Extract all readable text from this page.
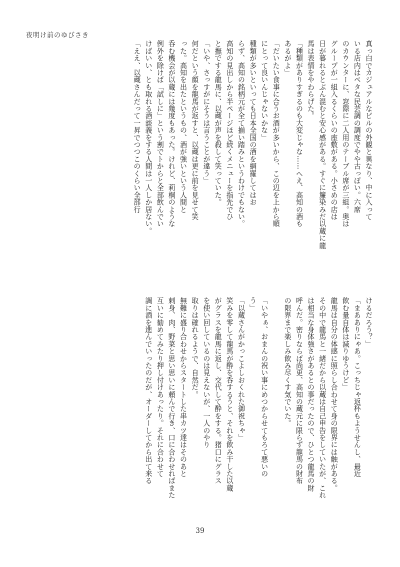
夜明け前のゆびさき
真っ白でカジュアルなビルの外観と異なり、中に入って
いる店内はベタな民芸調の調度でやや古っぽい。六席
のカウンターに、窓際に二人用のテーブル席が三組。奥は
グループが一組入るくらいの座敷がある。小さめの店は
日が暮れるとぶん混むと安心感がある。すぐに簾染みだ以蔵に龍
馬は表情をやわらげた。
「種類がありすぎるのも大変じゃな……へえ、高知の酒も
あるがよ」
「だいたい食事に合うお酒が多いから、この辺を上から順
にとって良いんじゃないかな」
種類が多いといっても日本全国の酒を網羅してはお
らず、高知の銘柄元が全て揃い踏みというわけでもない。
高知の見出しから半ページほど続くメニューを指先でひ
と撫でする龍馬に、以蔵が声を殺して笑っていた。
「いや、さっすがにそうは言うことが違う」
何だという顔を龍馬が返すと、以蔵は更に前を見せて笑
った。高知を出たというもの、酒が強いという人間と
呑む機会が以蔵には幾度もあった。けれど、莉桐のような
例外を除けば「試しに」という割でトからと全部飲んでい
けばいい、とも取れる酒談義をする人間は一人しか居ない。
「ええ、以蔵さんだって一昇でつつこのくらい全部行
けるだろう？」
「まあありにゃあ。こっちじゃ返杯もようせんし、最近
飲む量自体は減りゆうけど」
龍馬は自分の体感に照らし合わせて身の限界には触がある。
その中で龍馬と一緒だから以蔵は自己申告をしていたが、これ
は相当な身体強さがあるとの事だったので、ひとつ龍馬の財
呼んだ。密りならば尚更、高知の蔵元に限らず龍馬の財布
の限界まで楽しみ飲み尽くす気でいた。
「いやぁ、おまんの祝い事にめつからせてもろて悪いの
う」
「以蔵さんがかっこよしおくれた御祝ちゃ」
笑みを零して龍馬が酔を呑するうと、それを飲み干した以蔵
がグラスを龍馬に返し、交代して酔をする。猪口にグラス
を使い回しているのは見えないが、一人のやり
取りは確れるようで、自然だ。
無難に盛り合わせからスタートした串カツ達はそのあと
刺身、肉、野菜と思い思いに頼んで行き、口に合わせればまた
互いに勧めてみたり押し付けあったり。それに合わせて
調に酒を進んでいったのだが、オーダーしてから出て来る
39
